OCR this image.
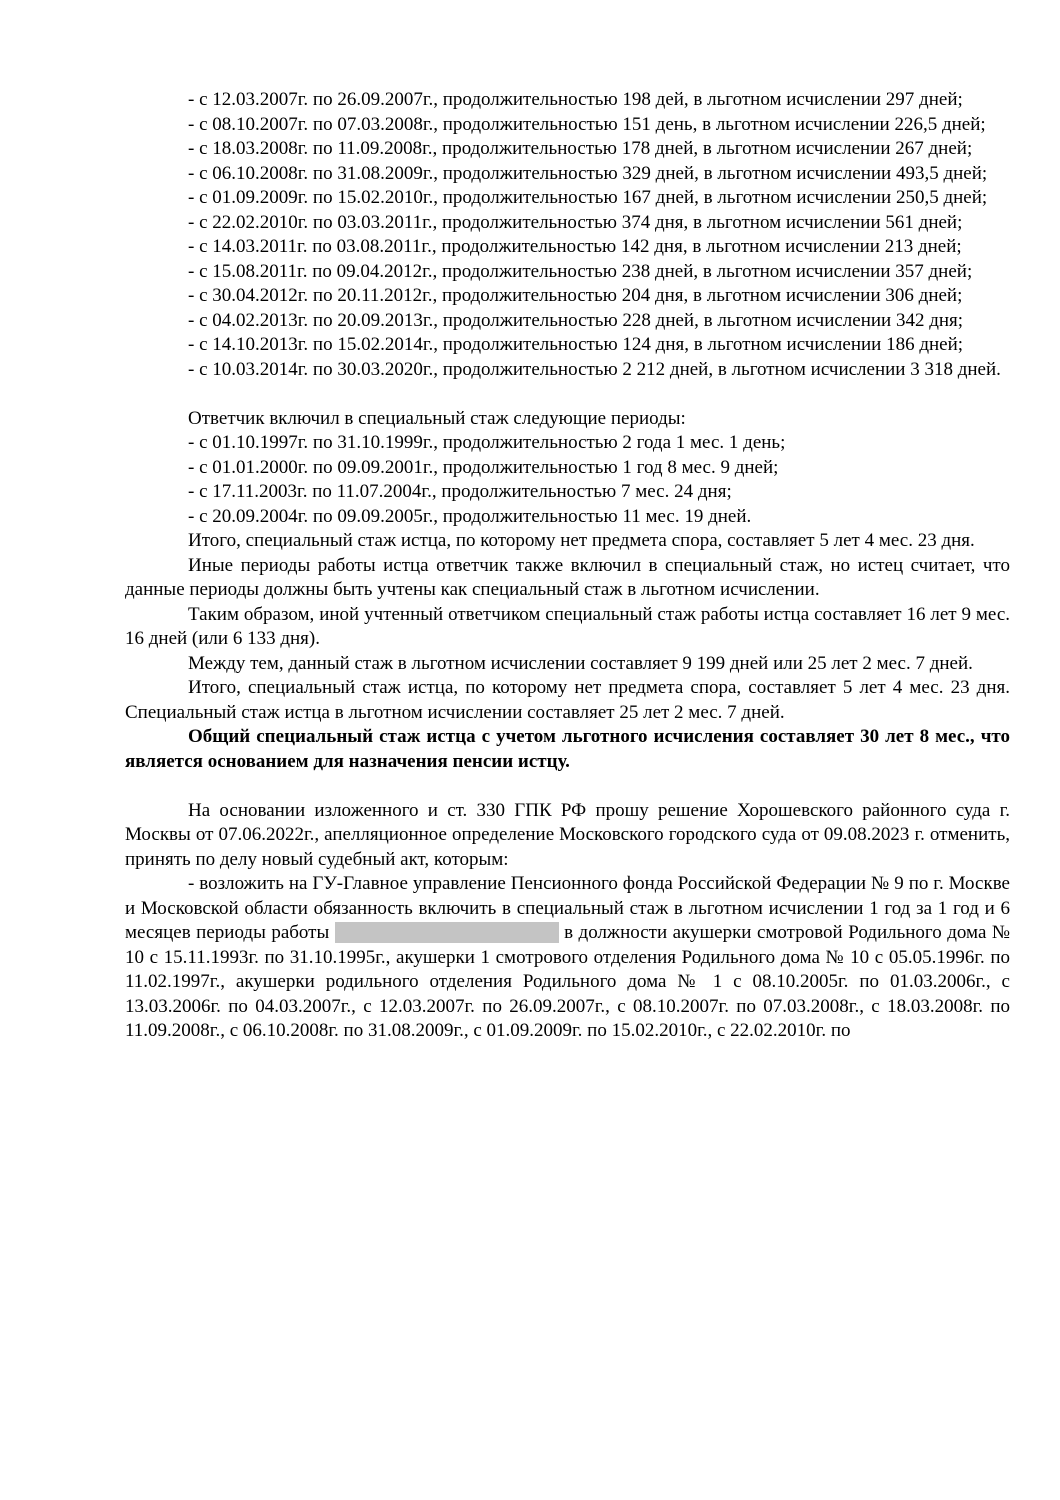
- с 12.03.2007г. по 26.09.2007г., продолжительностью 198 дей, в льготном исчислении 297 дней;

- с 08.10.2007г. по 07.03.2008г., продолжительностью 151 день, в льготном исчислении 226,5 дней;

- с 18.03.2008г. по 11.09.2008г., продолжительностью 178 дней, в льготном исчислении 267 дней;

- с 06.10.2008г. по 31.08.2009г., продолжительностью 329 дней, в льготном исчислении 493,5 дней;

- с 01.09.2009г. по 15.02.2010г., продолжительностью 167 дней, в льготном исчислении 250,5 дней;

- с 22.02.2010г. по 03.03.2011г., продолжительностью 374 дня, в льготном исчислении 561 дней;

- с 14.03.2011г. по 03.08.2011г., продолжительностью 142 дня, в льготном исчислении 213 дней;

- с 15.08.2011г. по 09.04.2012г., продолжительностью 238 дней, в льготном исчислении 357 дней;

- с 30.04.2012г. по 20.11.2012г., продолжительностью 204 дня, в льготном исчислении 306 дней;

- с 04.02.2013г. по 20.09.2013г., продолжительностью 228 дней, в льготном исчислении 342 дня;

- с 14.10.2013г. по 15.02.2014г., продолжительностью 124 дня, в льготном исчислении 186 дней;

- с 10.03.2014г. по 30.03.2020г., продолжительностью 2 212 дней, в льготном исчислении 3 318 дней.

Ответчик включил в специальный стаж следующие периоды:

- с 01.10.1997г. по 31.10.1999г., продолжительностью 2 года 1 мес. 1 день;

- с 01.01.2000г. по 09.09.2001г., продолжительностью 1 год 8 мес. 9 дней;

- с 17.11.2003г. по 11.07.2004г., продолжительностью 7 мес. 24 дня;

- с 20.09.2004г. по 09.09.2005г., продолжительностью 11 мес. 19 дней.

Итого, специальный стаж истца, по которому нет предмета спора, составляет 5 лет 4 мес. 23 дня.

Иные периоды работы истца ответчик также включил в специальный стаж, но истец считает, что данные периоды должны быть учтены как специальный стаж в льготном исчислении.

Таким образом, иной учтенный ответчиком специальный стаж работы истца составляет 16 лет 9 мес. 16 дней (или 6 133 дня).

Между тем, данный стаж в льготном исчислении составляет 9 199 дней или 25 лет 2 мес. 7 дней.

Итого, специальный стаж истца, по которому нет предмета спора, составляет 5 лет 4 мес. 23 дня. Специальный стаж истца в льготном исчислении составляет 25 лет 2 мес. 7 дней.

Общий специальный стаж истца с учетом льготного исчисления составляет 30 лет 8 мес., что является основанием для назначения пенсии истцу.

На основании изложенного и ст. 330 ГПК РФ прошу решение Хорошевского районного суда г. Москвы от 07.06.2022г., апелляционное определение Московского городского суда от 09.08.2023 г. отменить, принять по делу новый судебный акт, которым:

- возложить на ГУ-Главное управление Пенсионного фонда Российской Федерации № 9 по г. Москве и Московской области обязанность включить в специальный стаж в льготном исчислении 1 год за 1 год и 6 месяцев периоды работы	в должности акушерки смотровой Родильного дома № 10 с 15.11.1993г. по 31.10.1995г., акушерки 1 смотрового отделения Родильного дома № 10 с 05.05.1996г. по 11.02.1997г., акушерки родильного отделения Родильного дома № 1 с 08.10.2005г. по 01.03.2006г., с 13.03.2006г. по 04.03.2007г., с 12.03.2007г. по 26.09.2007г., с 08.10.2007г. по 07.03.2008г., с 18.03.2008г. по 11.09.2008г., с 06.10.2008г. по 31.08.2009г., с 01.09.2009г. по 15.02.2010г., с 22.02.2010г. по
